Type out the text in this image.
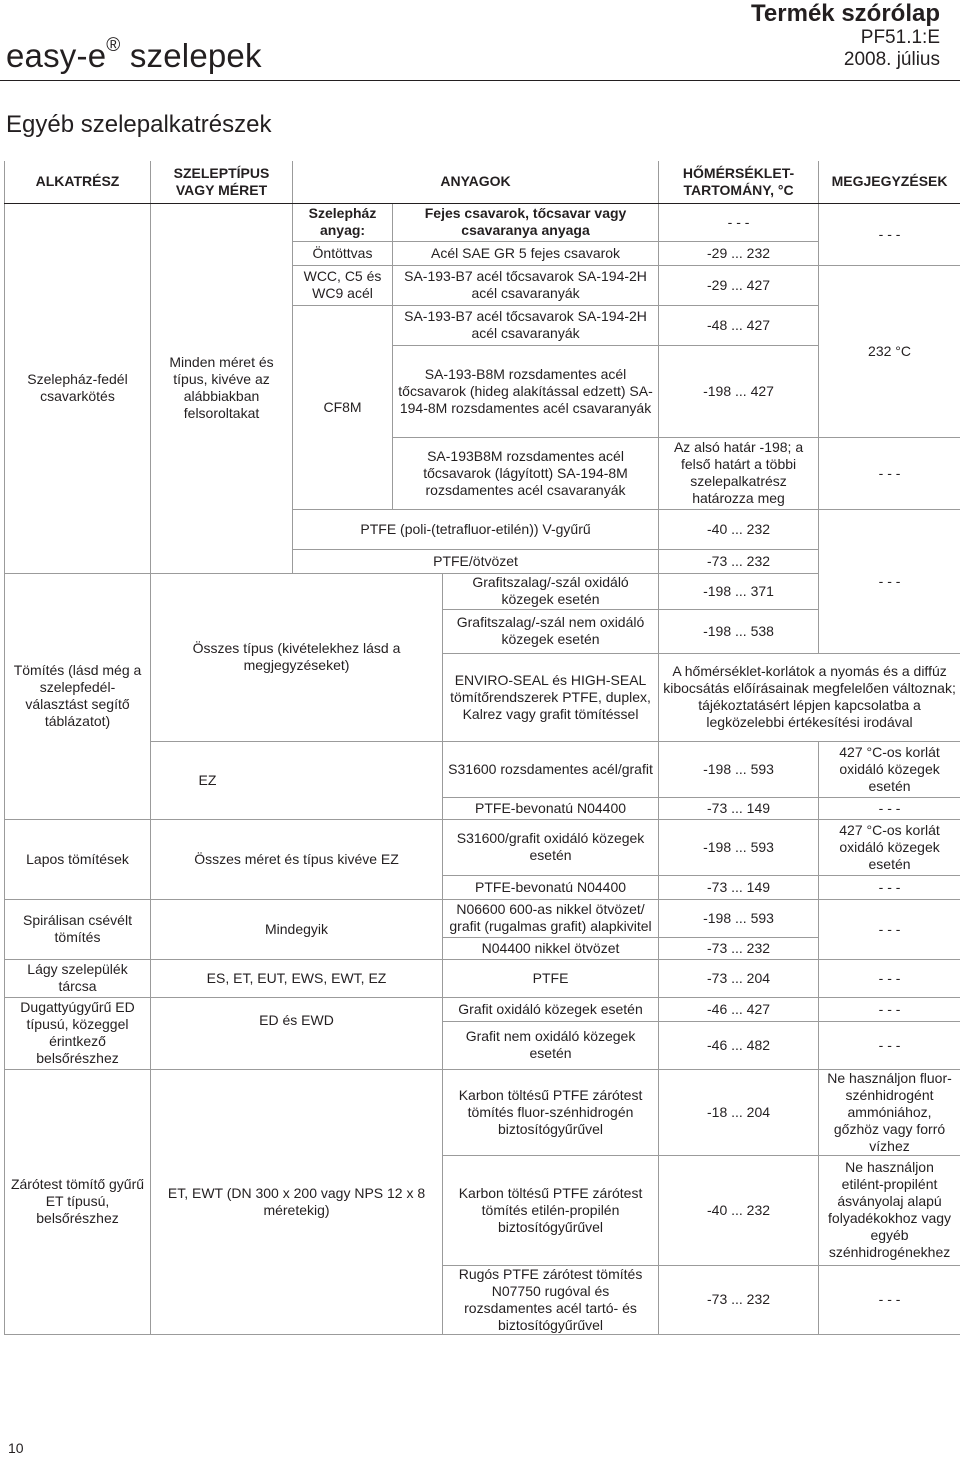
easy-e® szelepek
Termék szórólap
PF51.1:E
2008. július
Egyéb szelepalkatrészek
ALKATRÉSZ	SZELEPTÍPUS VAGY MÉRET		ANYAGOK			HŐMÉRSÉKLET-TARTOMÁNY, °C	MEGJEGYZÉSEK
Szelepház-fedél csavarkötés	Minden méret és típus, kivéve az alábbiakban felsoroltakat		Szelepház anyag:	Fejes csavarok, tőcsavar vagy csavaranya anyaga		- - -	- - -
			Öntöttvas	Acél SAE GR 5 fejes csavarok		-29 ... 232	
			WCC, C5 és WC9 acél	SA-193-B7 acél tőcsavarok SA-194-2H acél csavaranyák		-29 ... 427	232 °C
			CF8M	SA-193-B7 acél tőcsavarok SA-194-2H acél csavaranyák		-48 ... 427	
				SA-193-B8M rozsdamentes acél tőcsavarok (hideg alakítással edzett) SA-194-8M rozsdamentes acél csavaranyák		-198 ... 427	
				SA-193B8M rozsdamentes acél tőcsavarok (lágyított) SA-194-8M rozsdamentes acél csavaranyák		Az alsó határ -198; a felső határt a többi szelepalkatrész határozza meg	- - -
			PTFE (poli-(tetrafluor-etilén)) V-gyűrű			-40 ... 232	- - -
			PTFE/ötvözet			-73 ... 232	
Tömítés (lásd még a szelepfedél-választást segítő táblázatot)	Összes típus (kivételekhez lásd a megjegyzéseket)				Grafitszalag/-szál oxidáló közegek esetén	-198 ... 371	
					Grafitszalag/-szál nem oxidáló közegek esetén	-198 ... 538	
					ENVIRO-SEAL és HIGH-SEAL tömítőrendszerek PTFE, duplex, Kalrez vagy grafit tömítéssel	A hőmérséklet-korlátok a nyomás és a diffúz kibocsátás előírásainak megfelelően változnak; tájékoztatásért lépjen kapcsolatba a legközelebbi értékesítési irodával	
		EZ			S31600 rozsdamentes acél/grafit	-198 ... 593	427 °C-os korlát oxidáló közegek esetén
					PTFE-bevonatú N04400	-73 ... 149	- - -
Lapos tömítések	Összes méret és típus kivéve EZ				S31600/grafit oxidáló közegek esetén	-198 ... 593	427 °C-os korlát oxidáló közegek esetén
					PTFE-bevonatú N04400	-73 ... 149	- - -
Spirálisan csévélt tömítés	Mindegyik				N06600 600-as nikkel ötvözet/ grafit (rugalmas grafit) alapkivitel	-198 ... 593	- - -
					N04400 nikkel ötvözet	-73 ... 232	
Lágy szelepülék tárcsa	ES, ET, EUT, EWS, EWT, EZ				PTFE	-73 ... 204	- - -
Dugattyúgyűrű ED típusú, közeggel érintkező belsőrészhez	ED és EWD				Grafit oxidáló közegek esetén	-46 ... 427	- - -
					Grafit nem oxidáló közegek esetén	-46 ... 482	- - -
Zárótest tömítő gyűrű ET típusú, belsőrészhez	ET, EWT (DN 300 x 200 vagy NPS 12 x 8 méretekig)				Karbon töltésű PTFE zárótest tömítés fluor-szénhidrogén biztosítógyűrűvel	-18 ... 204	Ne használjon fluor-szénhidrogént ammóniához, gőzhöz vagy forró vízhez
					Karbon töltésű PTFE zárótest tömítés etilén-propilén biztosítógyűrűvel	-40 ... 232	Ne használjon etilént-propilént ásványolaj alapú folyadékokhoz vagy egyéb szénhidrogénekhez
					Rugós PTFE zárótest tömítés N07750 rugóval és rozsdamentes acél tartó- és biztosítógyűrűvel	-73 ... 232	- - -
10
